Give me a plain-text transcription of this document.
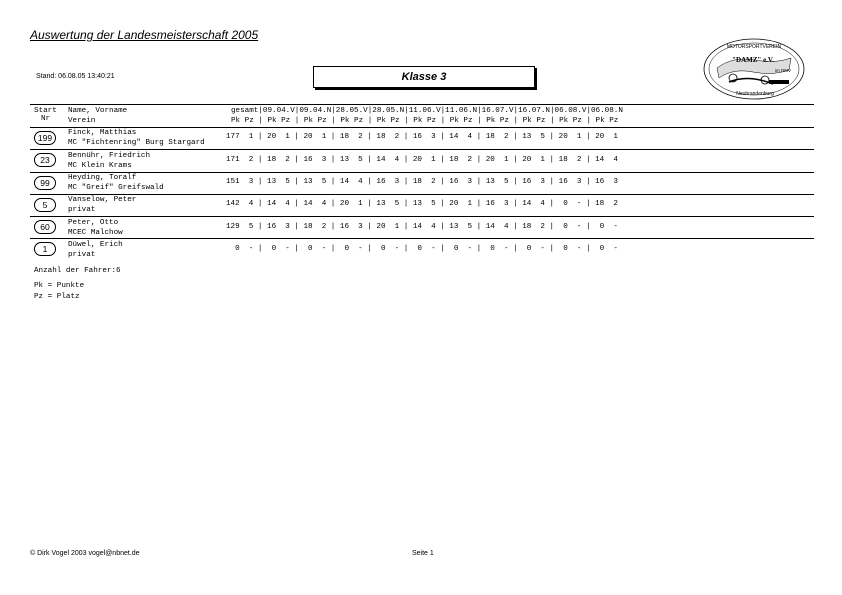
Auswertung der Landesmeisterschaft 2005
Stand: 06.08.05 13:40:21	Klasse 3
MOTORSPORTVEREIN
"DAMZ" e.V.
im DMV
Neubrandenburg
Start
Nr
Name, Vorname
Verein
gesamt|09.04.V|09.04.N|28.05.V|28.05.N|11.06.V|11.06.N|16.07.V|16.07.N|06.08.V|06.08.N
Pk Pz | Pk Pz | Pk Pz | Pk Pz | Pk Pz | Pk Pz | Pk Pz | Pk Pz | Pk Pz | Pk Pz | Pk Pz
199	Finck, Matthias
MC "Fichtenring" Burg Stargard
177  1 | 20  1 | 20  1 | 18  2 | 18  2 | 16  3 | 14  4 | 18  2 | 13  5 | 20  1 | 20  1
23	Bennühr, Friedrich
MC Klein Krams
171  2 | 18  2 | 16  3 | 13  5 | 14  4 | 20  1 | 18  2 | 20  1 | 20  1 | 18  2 | 14  4
99	Heyding, Toralf
MC "Greif" Greifswald
151  3 | 13  5 | 13  5 | 14  4 | 16  3 | 18  2 | 16  3 | 13  5 | 16  3 | 16  3 | 16  3
5	Vanselow, Peter
privat
142  4 | 14  4 | 14  4 | 20  1 | 13  5 | 13  5 | 20  1 | 16  3 | 14  4 |  0  - | 18  2
60	Peter, Otto
MCEC Malchow
129  5 | 16  3 | 18  2 | 16  3 | 20  1 | 14  4 | 13  5 | 14  4 | 18  2 |  0  - |  0  -
1	Düwel, Erich
privat
0  - |  0  - |  0  - |  0  - |  0  - |  0  - |  0  - |  0  - |  0  - |  0  - |  0  -
Anzahl der Fahrer:6
Pk = Punkte
Pz = Platz
© Dirk Vogel 2003 vogel@nbnet.de	Seite 1
